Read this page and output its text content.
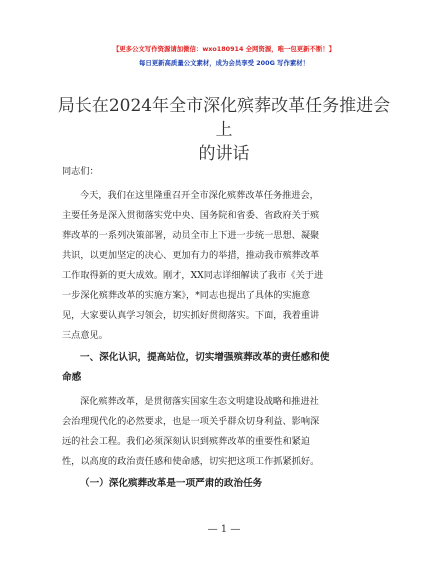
【更多公文写作资源请加微信：wxo180914 全网资源，唯一包更新不断！】
每日更新高质量公文素材，成为会员享受 200G 写作素材！
局长在2024年全市深化殡葬改革任务推进会上
的讲话
同志们：
今天，我们在这里隆重召开全市深化殡葬改革任务推进会，
主要任务是深入贯彻落实党中央、国务院和省委、省政府关于殡
葬改革的一系列决策部署，动员全市上下进一步统一思想、凝聚
共识，以更加坚定的决心、更加有力的举措，推动我市殡葬改革
工作取得新的更大成效。刚才，XX同志详细解读了我市《关于进
一步深化殡葬改革的实施方案》，*同志也提出了具体的实施意
见，大家要认真学习领会，切实抓好贯彻落实。下面，我着重讲
三点意见。
一、深化认识，提高站位，切实增强殡葬改革的责任感和使
命感
深化殡葬改革，是贯彻落实国家生态文明建设战略和推进社
会治理现代化的必然要求，也是一项关乎群众切身利益、影响深
远的社会工程。我们必须深刻认识到殡葬改革的重要性和紧迫
性，以高度的政治责任感和使命感，切实把这项工作抓紧抓好。
（一）深化殡葬改革是一项严肃的政治任务
— 1 —
